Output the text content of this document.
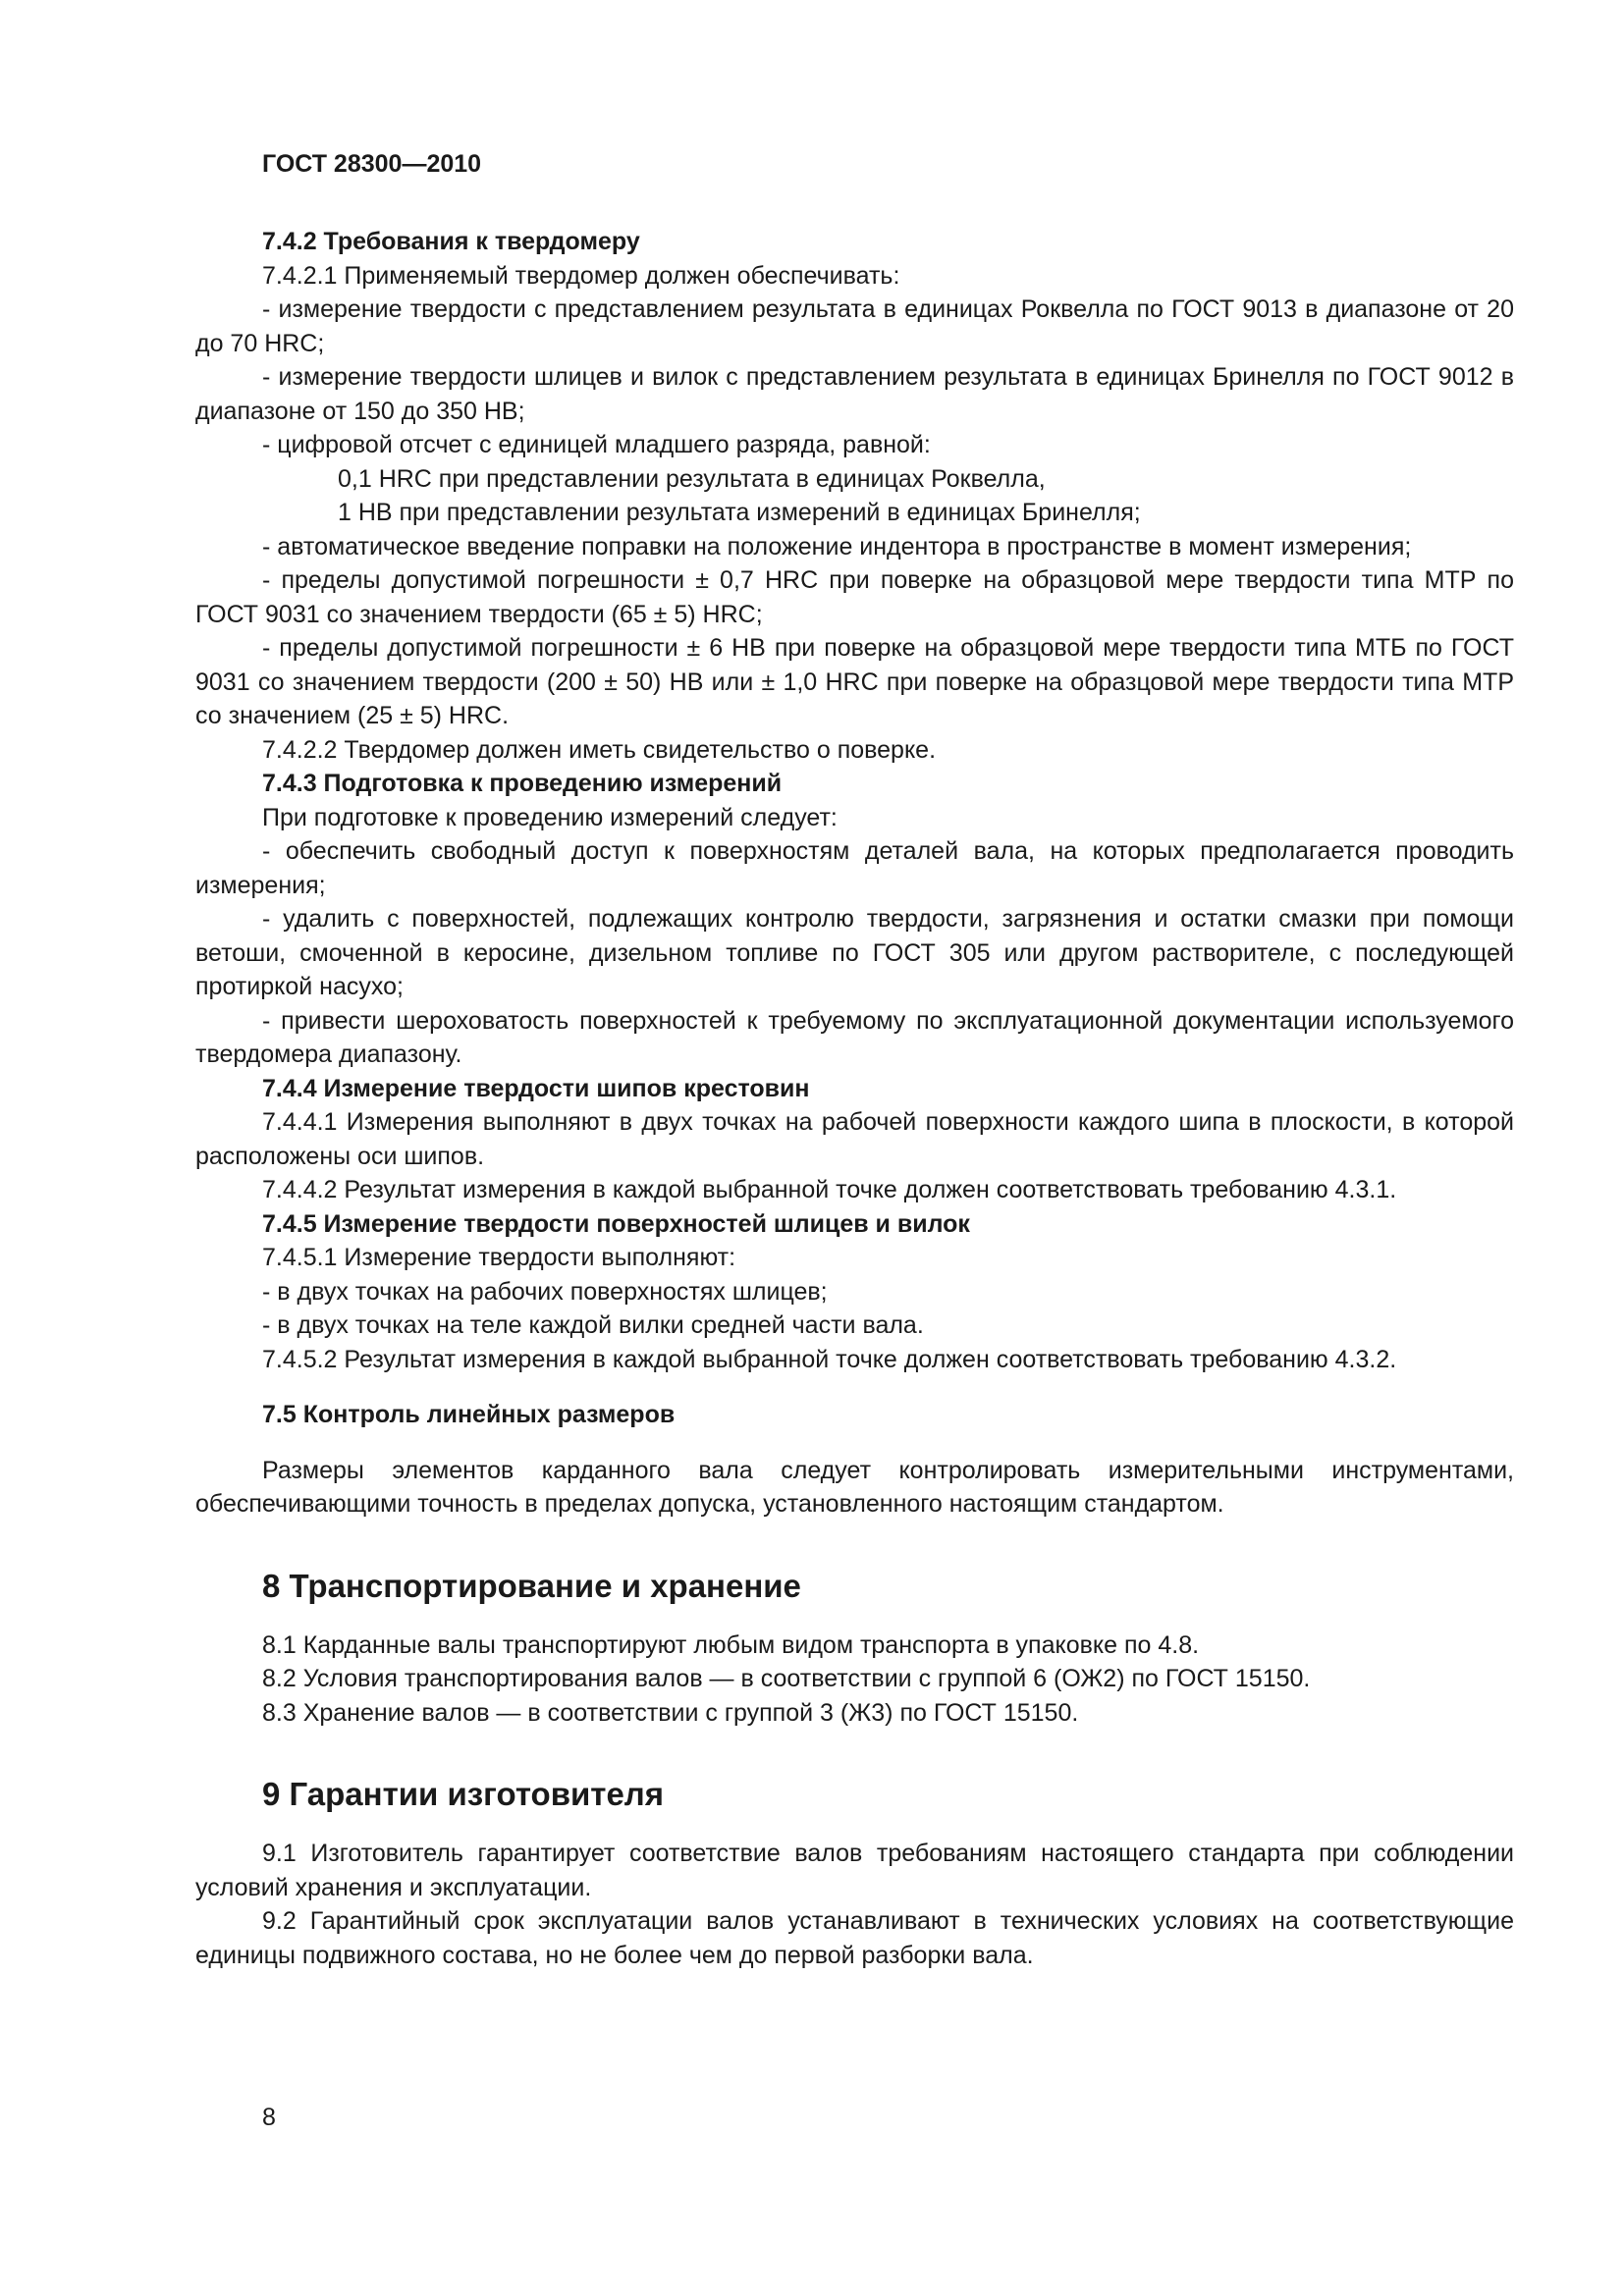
ГОСТ 28300—2010

7.4.2 Требования к твердомеру

7.4.2.1 Применяемый твердомер должен обеспечивать:

- измерение твердости с представлением результата в единицах Роквелла по ГОСТ 9013 в диапазоне от 20 до 70 HRC;

- измерение твердости шлицев и вилок с представлением результата в единицах Бринелля по ГОСТ 9012 в диапазоне от 150 до 350 НВ;

- цифровой отсчет с единицей младшего разряда, равной:

0,1 HRC при представлении результата в единицах Роквелла,

1 НВ при представлении результата измерений в единицах Бринелля;

- автоматическое введение поправки на положение индентора в пространстве в момент измерения;

- пределы допустимой погрешности ± 0,7 HRC при поверке на образцовой мере твердости типа МТР по ГОСТ 9031 со значением твердости (65 ± 5) HRC;

- пределы допустимой погрешности ± 6 НВ при поверке на образцовой мере твердости типа МТБ по ГОСТ 9031 со значением твердости (200 ± 50) НВ или ± 1,0 HRC при поверке на образцовой мере твердости типа МТР со значением (25 ± 5) HRC.

7.4.2.2 Твердомер должен иметь свидетельство о поверке.

7.4.3 Подготовка к проведению измерений

При подготовке к проведению измерений следует:

- обеспечить свободный доступ к поверхностям деталей вала, на которых предполагается проводить измерения;

- удалить с поверхностей, подлежащих контролю твердости, загрязнения и остатки смазки при помощи ветоши, смоченной в керосине, дизельном топливе по ГОСТ 305 или другом растворителе, с последующей протиркой насухо;

- привести шероховатость поверхностей к требуемому по эксплуатационной документации используемого твердомера диапазону.

7.4.4 Измерение твердости шипов крестовин

7.4.4.1 Измерения выполняют в двух точках на рабочей поверхности каждого шипа в плоскости, в которой расположены оси шипов.

7.4.4.2 Результат измерения в каждой выбранной точке должен соответствовать требованию 4.3.1.

7.4.5 Измерение твердости поверхностей шлицев и вилок

7.4.5.1 Измерение твердости выполняют:

- в двух точках на рабочих поверхностях шлицев;

- в двух точках на теле каждой вилки средней части вала.

7.4.5.2 Результат измерения в каждой выбранной точке должен соответствовать требованию 4.3.2.

7.5 Контроль линейных размеров

Размеры элементов карданного вала следует контролировать измерительными инструментами, обеспечивающими точность в пределах допуска, установленного настоящим стандартом.

8 Транспортирование и хранение

8.1 Карданные валы транспортируют любым видом транспорта в упаковке по 4.8.

8.2 Условия транспортирования валов — в соответствии с группой 6 (ОЖ2) по ГОСТ 15150.

8.3 Хранение валов — в соответствии с группой 3 (Ж3) по ГОСТ 15150.

9 Гарантии изготовителя

9.1 Изготовитель гарантирует соответствие валов требованиям настоящего стандарта при соблюдении условий хранения и эксплуатации.

9.2 Гарантийный срок эксплуатации валов устанавливают в технических условиях на соответствующие единицы подвижного состава, но не более чем до первой разборки вала.

8
